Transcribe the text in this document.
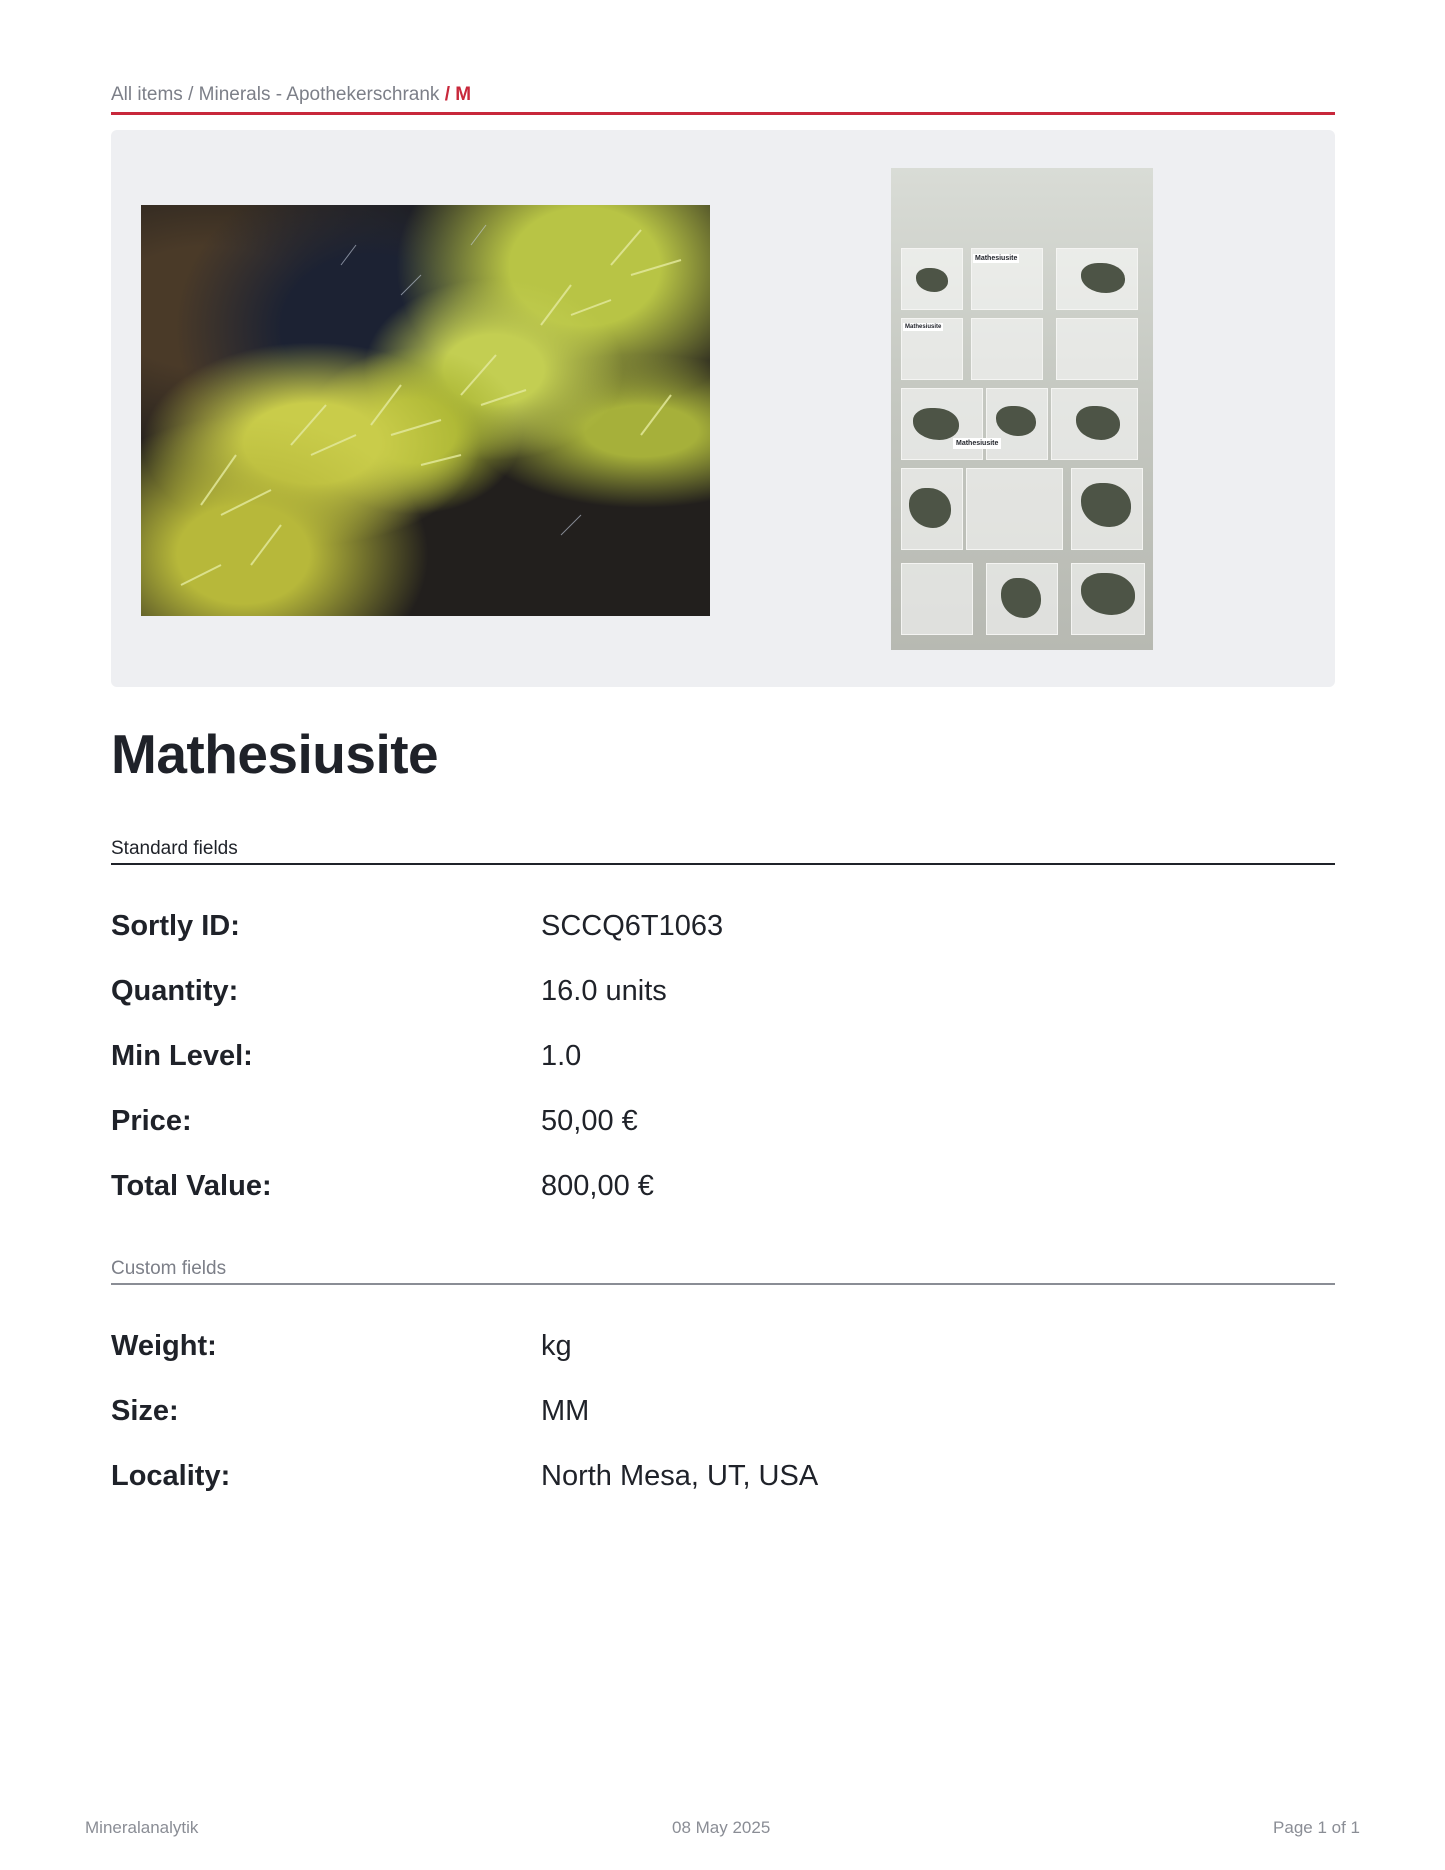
All items / Minerals - Apothekerschrank / M
Mathesiusite
Mathesiusite
Mathesiusite
Mathesiusite
Standard fields
Sortly ID:	SCCQ6T1063
Quantity:	16.0 units
Min Level:	1.0
Price:	50,00 €
Total Value:	800,00 €
Custom fields
Weight:	kg
Size:	MM
Locality:	North Mesa, UT, USA
Mineralanalytik	08 May 2025	Page 1 of 1
